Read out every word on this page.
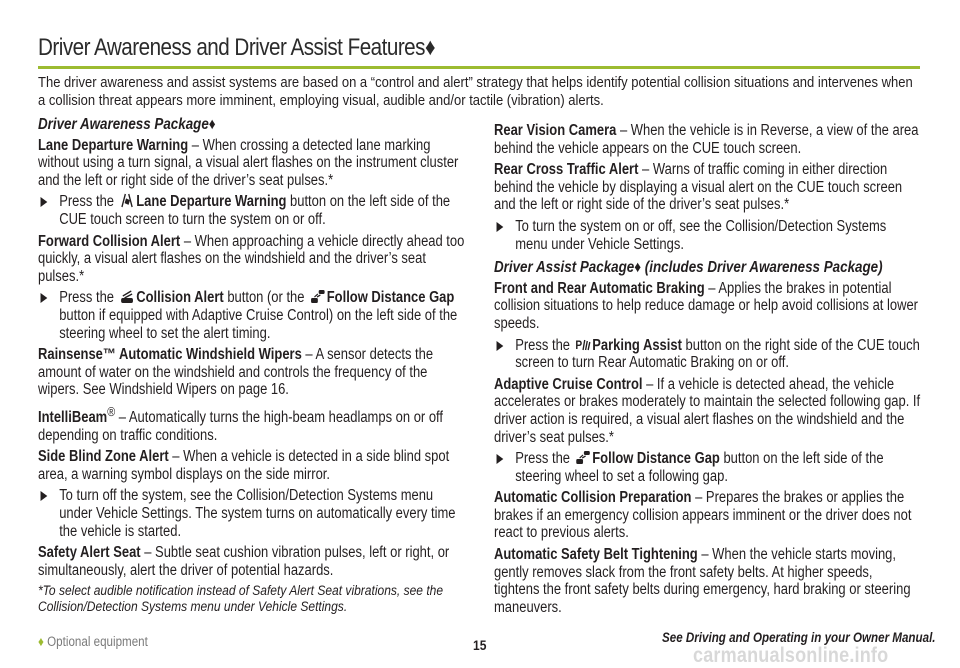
Driver Awareness and Driver Assist Features♦
The driver awareness and assist systems are based on a “control and alert” strategy that helps identify potential collision situations and intervenes when a collision threat appears more imminent, employing visual, audible and/or tactile (vibration) alerts.
Driver Awareness Package♦
Lane Departure Warning – When crossing a detected lane marking without using a turn signal, a visual alert flashes on the instrument cluster and the left or right side of the driver’s seat pulses.*
Press the Lane Departure Warning button on the left side of the CUE touch screen to turn the system on or off.
Forward Collision Alert – When approaching a vehicle directly ahead too quickly, a visual alert flashes on the windshield and the driver’s seat pulses.*
Press the Collision Alert button (or the Follow Distance Gap button if equipped with Adaptive Cruise Control) on the left side of the steering wheel to set the alert timing.
Rainsense™ Automatic Windshield Wipers – A sensor detects the amount of water on the windshield and controls the frequency of the wipers. See Windshield Wipers on page 16.
IntelliBeam® – Automatically turns the high-beam headlamps on or off depending on traffic conditions.
Side Blind Zone Alert – When a vehicle is detected in a side blind spot area, a warning symbol displays on the side mirror.
To turn off the system, see the Collision/Detection Systems menu under Vehicle Settings. The system turns on automatically every time the vehicle is started.
Safety Alert Seat – Subtle seat cushion vibration pulses, left or right, or simultaneously, alert the driver of potential hazards.
*To select audible notification instead of Safety Alert Seat vibrations, see the Collision/Detection Systems menu under Vehicle Settings.
Rear Vision Camera – When the vehicle is in Reverse, a view of the area behind the vehicle appears on the CUE touch screen.
Rear Cross Traffic Alert – Warns of traffic coming in either direction behind the vehicle by displaying a visual alert on the CUE touch screen and the left or right side of the driver’s seat pulses.*
To turn the system on or off, see the Collision/Detection Systems menu under Vehicle Settings.
Driver Assist Package♦ (includes Driver Awareness Package)
Front and Rear Automatic Braking – Applies the brakes in potential collision situations to help reduce damage or help avoid collisions at lower speeds.
Press the P Parking Assist button on the right side of the CUE touch screen to turn Rear Automatic Braking on or off.
Adaptive Cruise Control – If a vehicle is detected ahead, the vehicle accelerates or brakes moderately to maintain the selected following gap. If driver action is required, a visual alert flashes on the windshield and the driver’s seat pulses.*
Press the Follow Distance Gap button on the left side of the steering wheel to set a following gap.
Automatic Collision Preparation – Prepares the brakes or applies the brakes if an emergency collision appears imminent or the driver does not react to previous alerts.
Automatic Safety Belt Tightening – When the vehicle starts moving, gently removes slack from the front safety belts. At higher speeds, tightens the front safety belts during emergency, hard braking or steering maneuvers.
♦ Optional equipment	15	See Driving and Operating in your Owner Manual.
carmanualsonline.info
